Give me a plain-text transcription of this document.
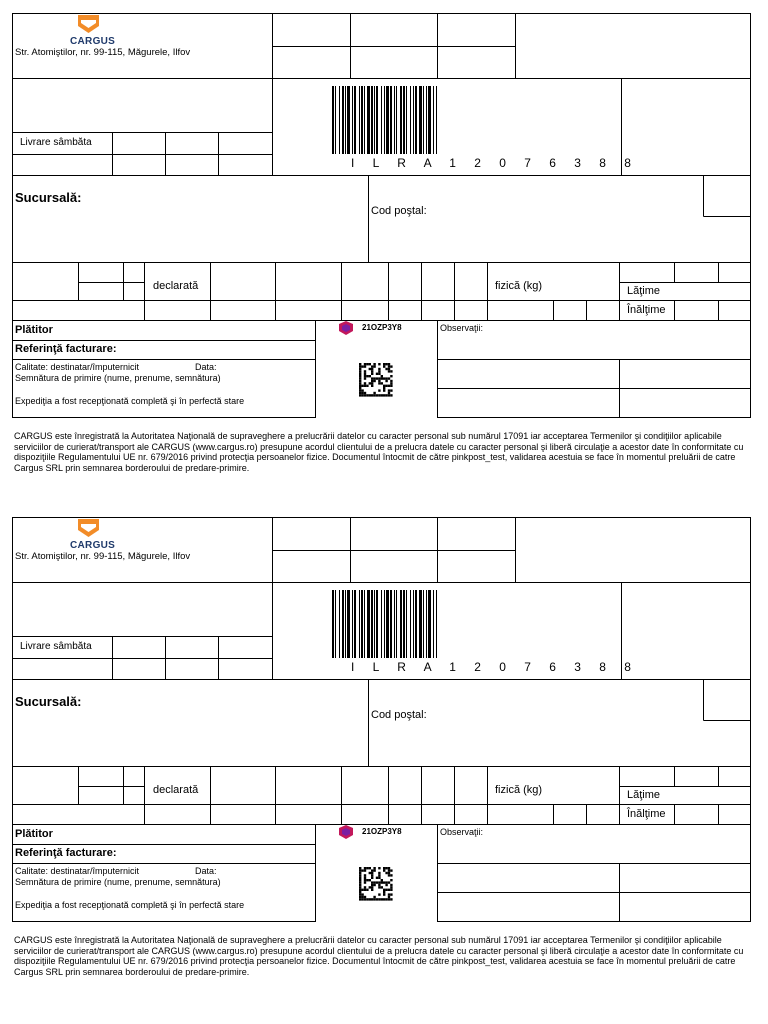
CARGUS
Str. Atomiştilor, nr. 99-115, Măgurele, Ilfov
Livrare sâmbăta
I L R A 1 2 0 7 6 3 8 8
Sucursală:
Cod poştal:
declarată	fizică (kg)	Lăţime
Înălţime
Plătitor
Referinţă facturare:
Calitate: destinatar/împuternicit	Data:
Semnătura de primire (nume, prenume, semnătura)
Expediţia a fost recepţionată completă şi în perfectă stare
21OZP3Y8	Observaţii:
CARGUS este înregistrată la Autoritatea Naţională de supraveghere a prelucrării datelor cu caracter personal sub numărul 17091 iar acceptarea Termenilor şi condiţiilor aplicabile serviciilor de curierat/transport ale CARGUS (www.cargus.ro) presupune acordul clientului de a prelucra datele cu caracter personal şi liberă circulaţie a acestor date în conformitate cu dispoziţiile Regulamentului UE nr. 679/2016 privind protecţia persoanelor fizice. Documentul întocmit de către pinkpost_test, validarea acestuia se face în momentul preluării de catre Cargus SRL prin semnarea borderoului de predare-primire.
CARGUS
Str. Atomiştilor, nr. 99-115, Măgurele, Ilfov
Livrare sâmbăta
I L R A 1 2 0 7 6 3 8 8
Sucursală:
Cod poştal:
declarată	fizică (kg)	Lăţime
Înălţime
Plătitor
Referinţă facturare:
Calitate: destinatar/împuternicit	Data:
Semnătura de primire (nume, prenume, semnătura)
Expediţia a fost recepţionată completă şi în perfectă stare
21OZP3Y8	Observaţii:
CARGUS este înregistrată la Autoritatea Naţională de supraveghere a prelucrării datelor cu caracter personal sub numărul 17091 iar acceptarea Termenilor şi condiţiilor aplicabile serviciilor de curierat/transport ale CARGUS (www.cargus.ro) presupune acordul clientului de a prelucra datele cu caracter personal şi liberă circulaţie a acestor date în conformitate cu dispoziţiile Regulamentului UE nr. 679/2016 privind protecţia persoanelor fizice. Documentul întocmit de către pinkpost_test, validarea acestuia se face în momentul preluării de catre Cargus SRL prin semnarea borderoului de predare-primire.
